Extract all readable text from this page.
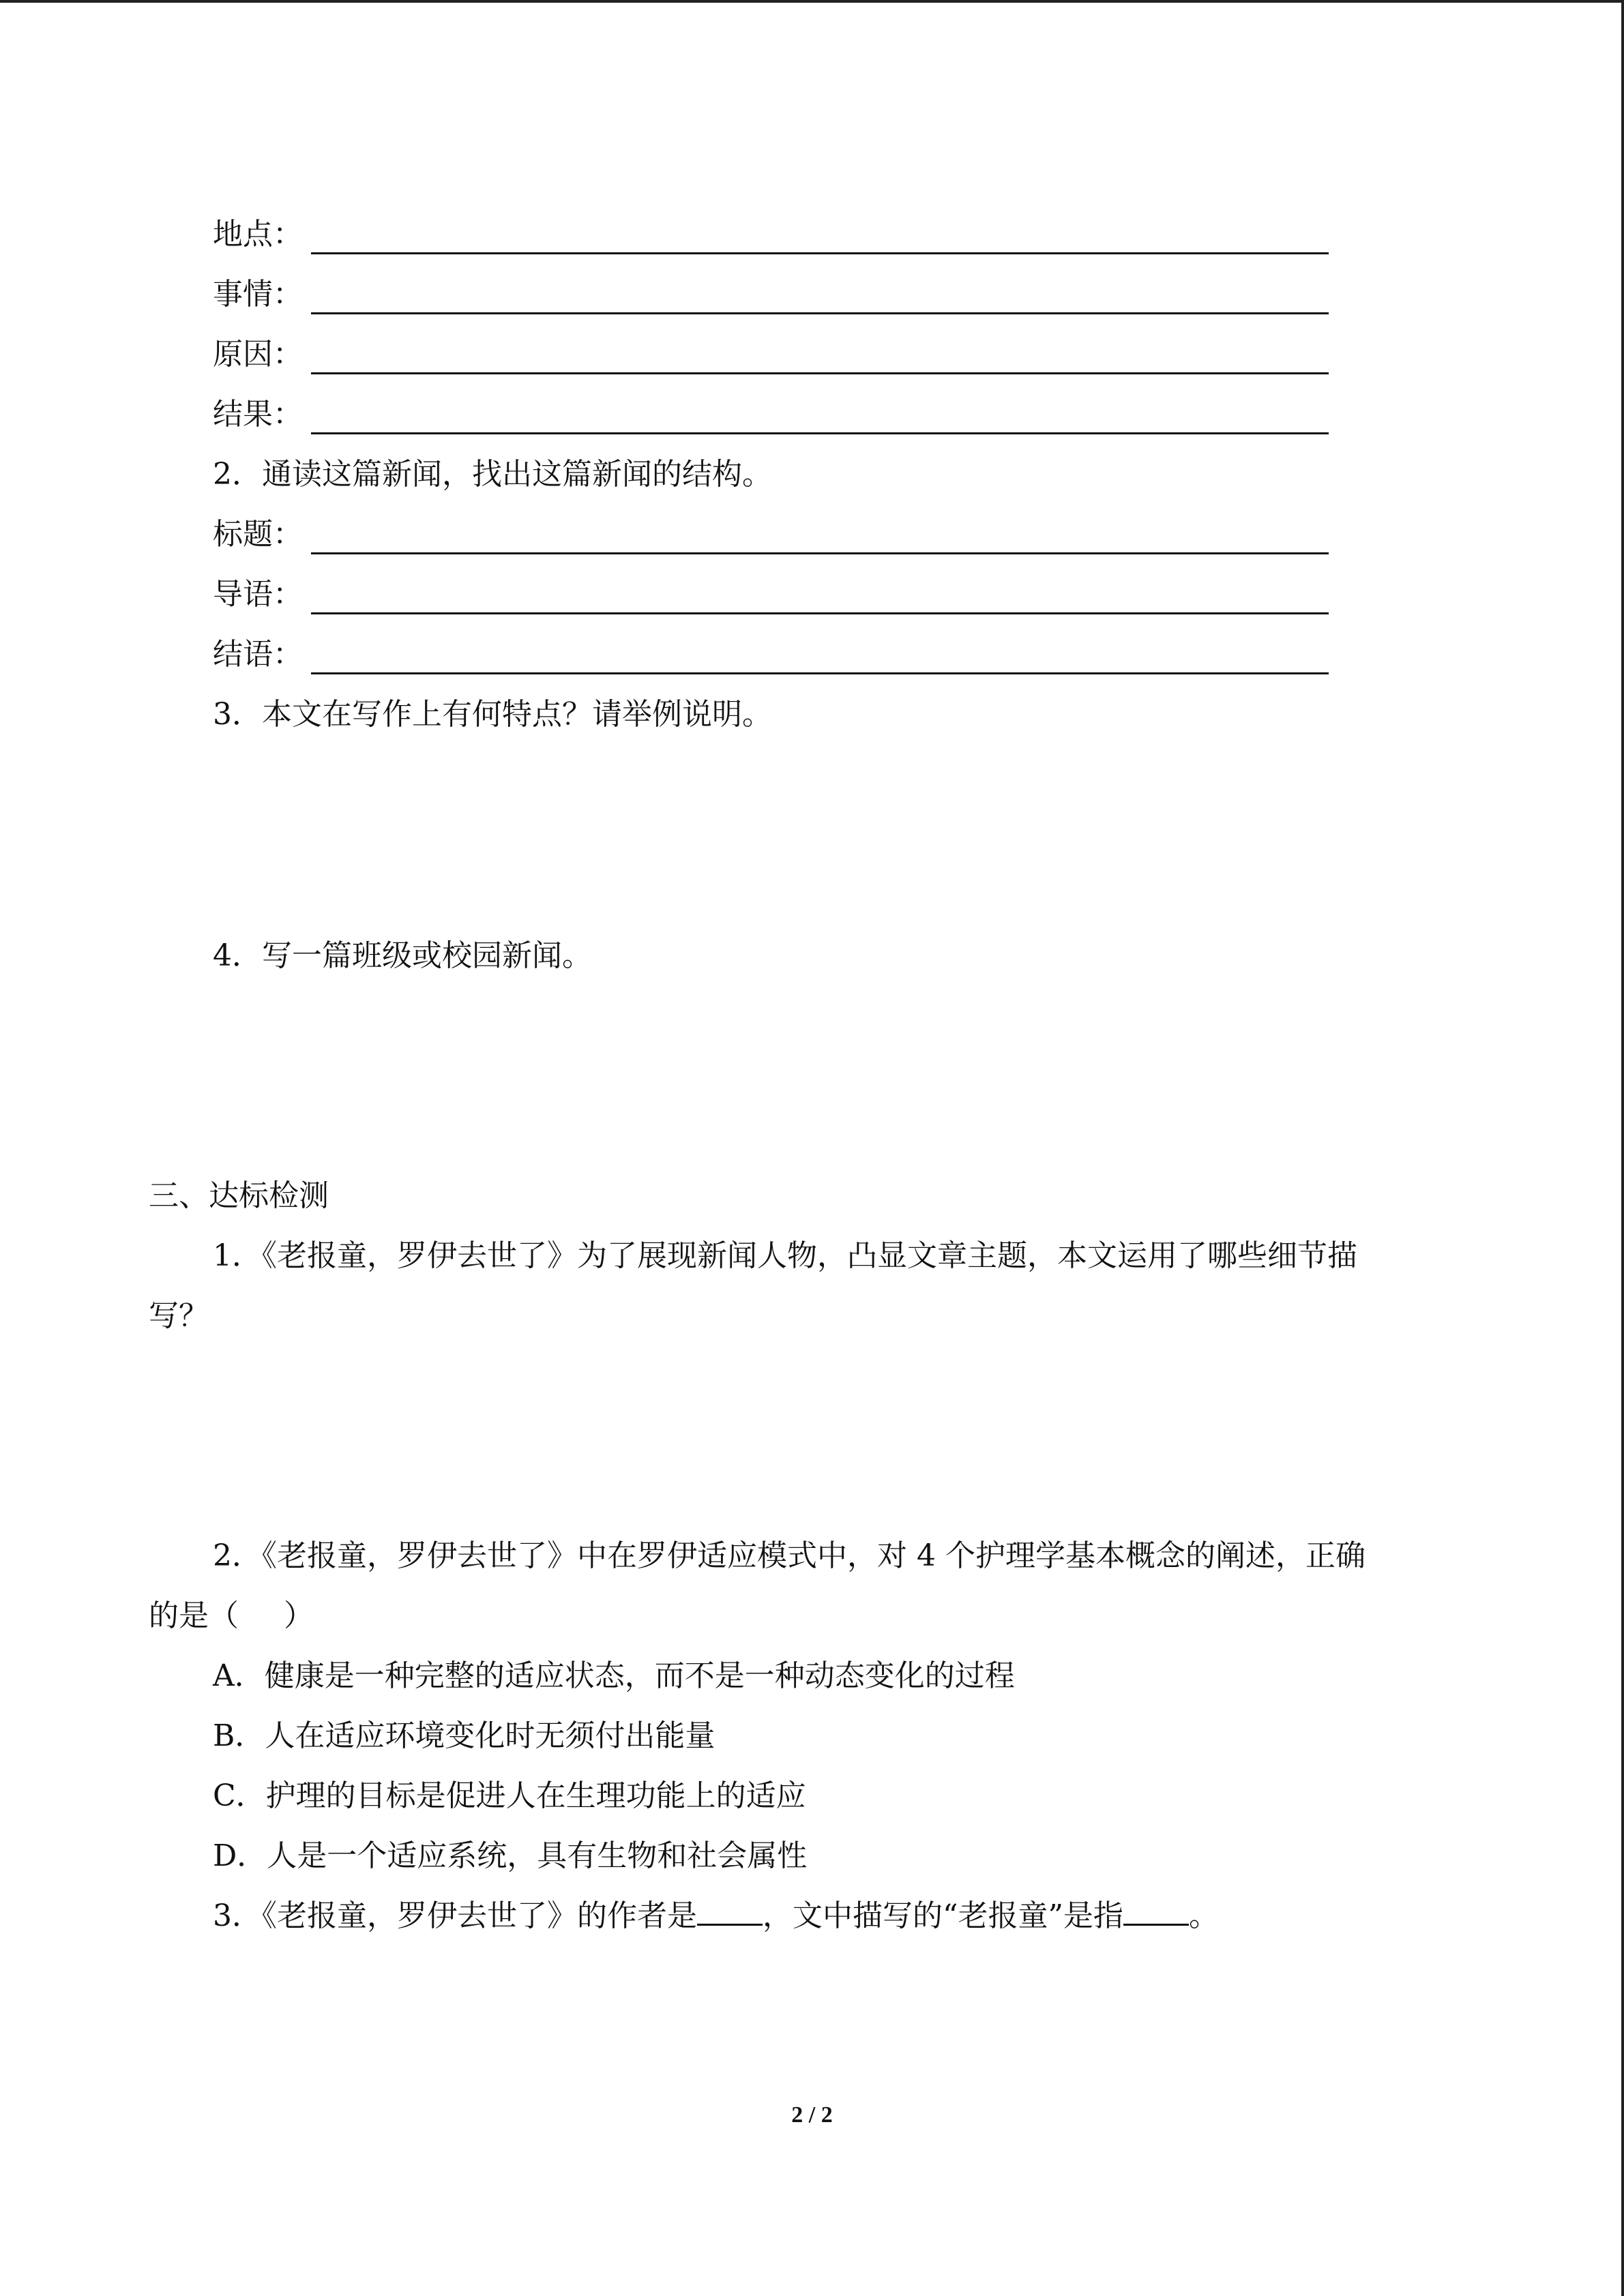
地点：
事情：
原因：
结果：
2．通读这篇新闻，找出这篇新闻的结构。
标题：
导语：
结语：
3．本文在写作上有何特点？请举例说明。
4．写一篇班级或校园新闻。
三、达标检测
1．《老报童，罗伊去世了》为了展现新闻人物，凸显文章主题，本文运用了哪些细节描
写？
2．《老报童，罗伊去世了》中在罗伊适应模式中，对 4 个护理学基本概念的阐述，正确
的是（ ）
A．健康是一种完整的适应状态，而不是一种动态变化的过程
B．人在适应环境变化时无须付出能量
C．护理的目标是促进人在生理功能上的适应
D．人是一个适应系统，具有生物和社会属性
3．《老报童，罗伊去世了》的作者是 ，文中描写的“老报童”是指 。
2 / 2
